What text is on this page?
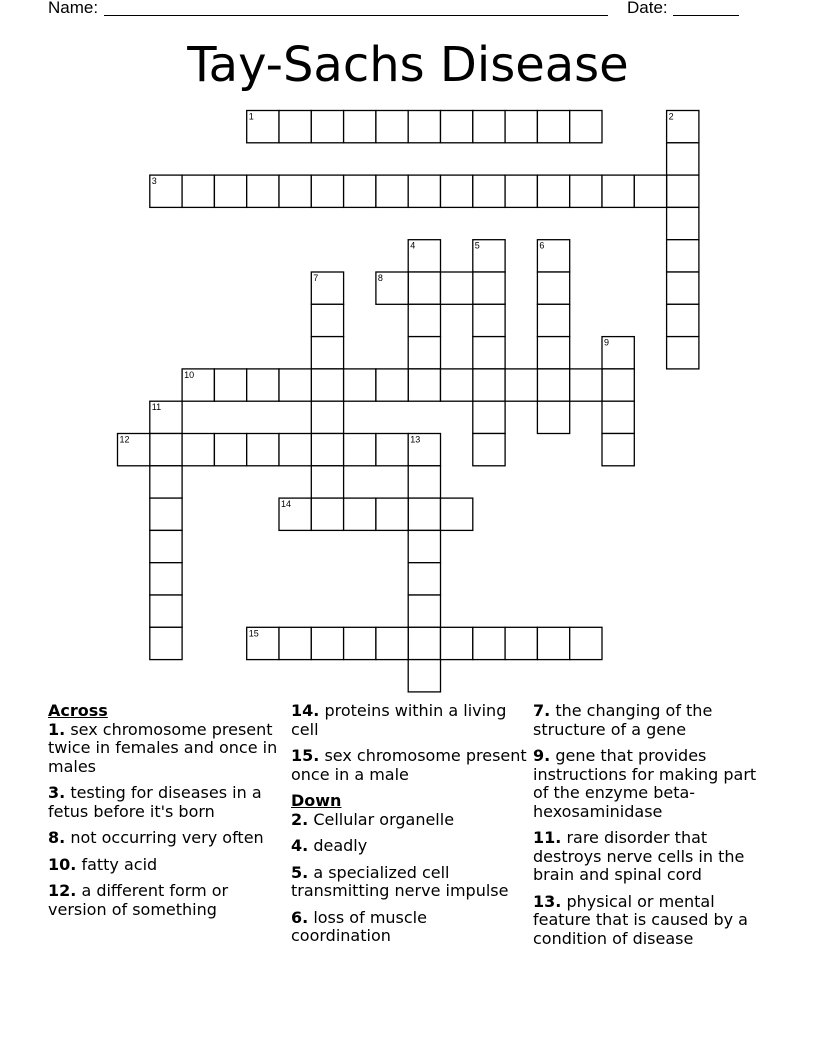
Name:	Date:
Tay-Sachs Disease
1	2
3
4	5	6
7	8
9
10
11
12	13
14
15
Across
1. sex chromosome present twice in females and once in males
3. testing for diseases in a fetus before it's born
8. not occurring very often
10. fatty acid
12. a different form or version of something
14. proteins within a living cell
15. sex chromosome present once in a male
Down
2. Cellular organelle
4. deadly
5. a specialized cell transmitting nerve impulse
6. loss of muscle coordination
7. the changing of the structure of a gene
9. gene that provides instructions for making part of the enzyme beta-hexosaminidase
11. rare disorder that destroys nerve cells in the brain and spinal cord
13. physical or mental feature that is caused by a condition of disease
